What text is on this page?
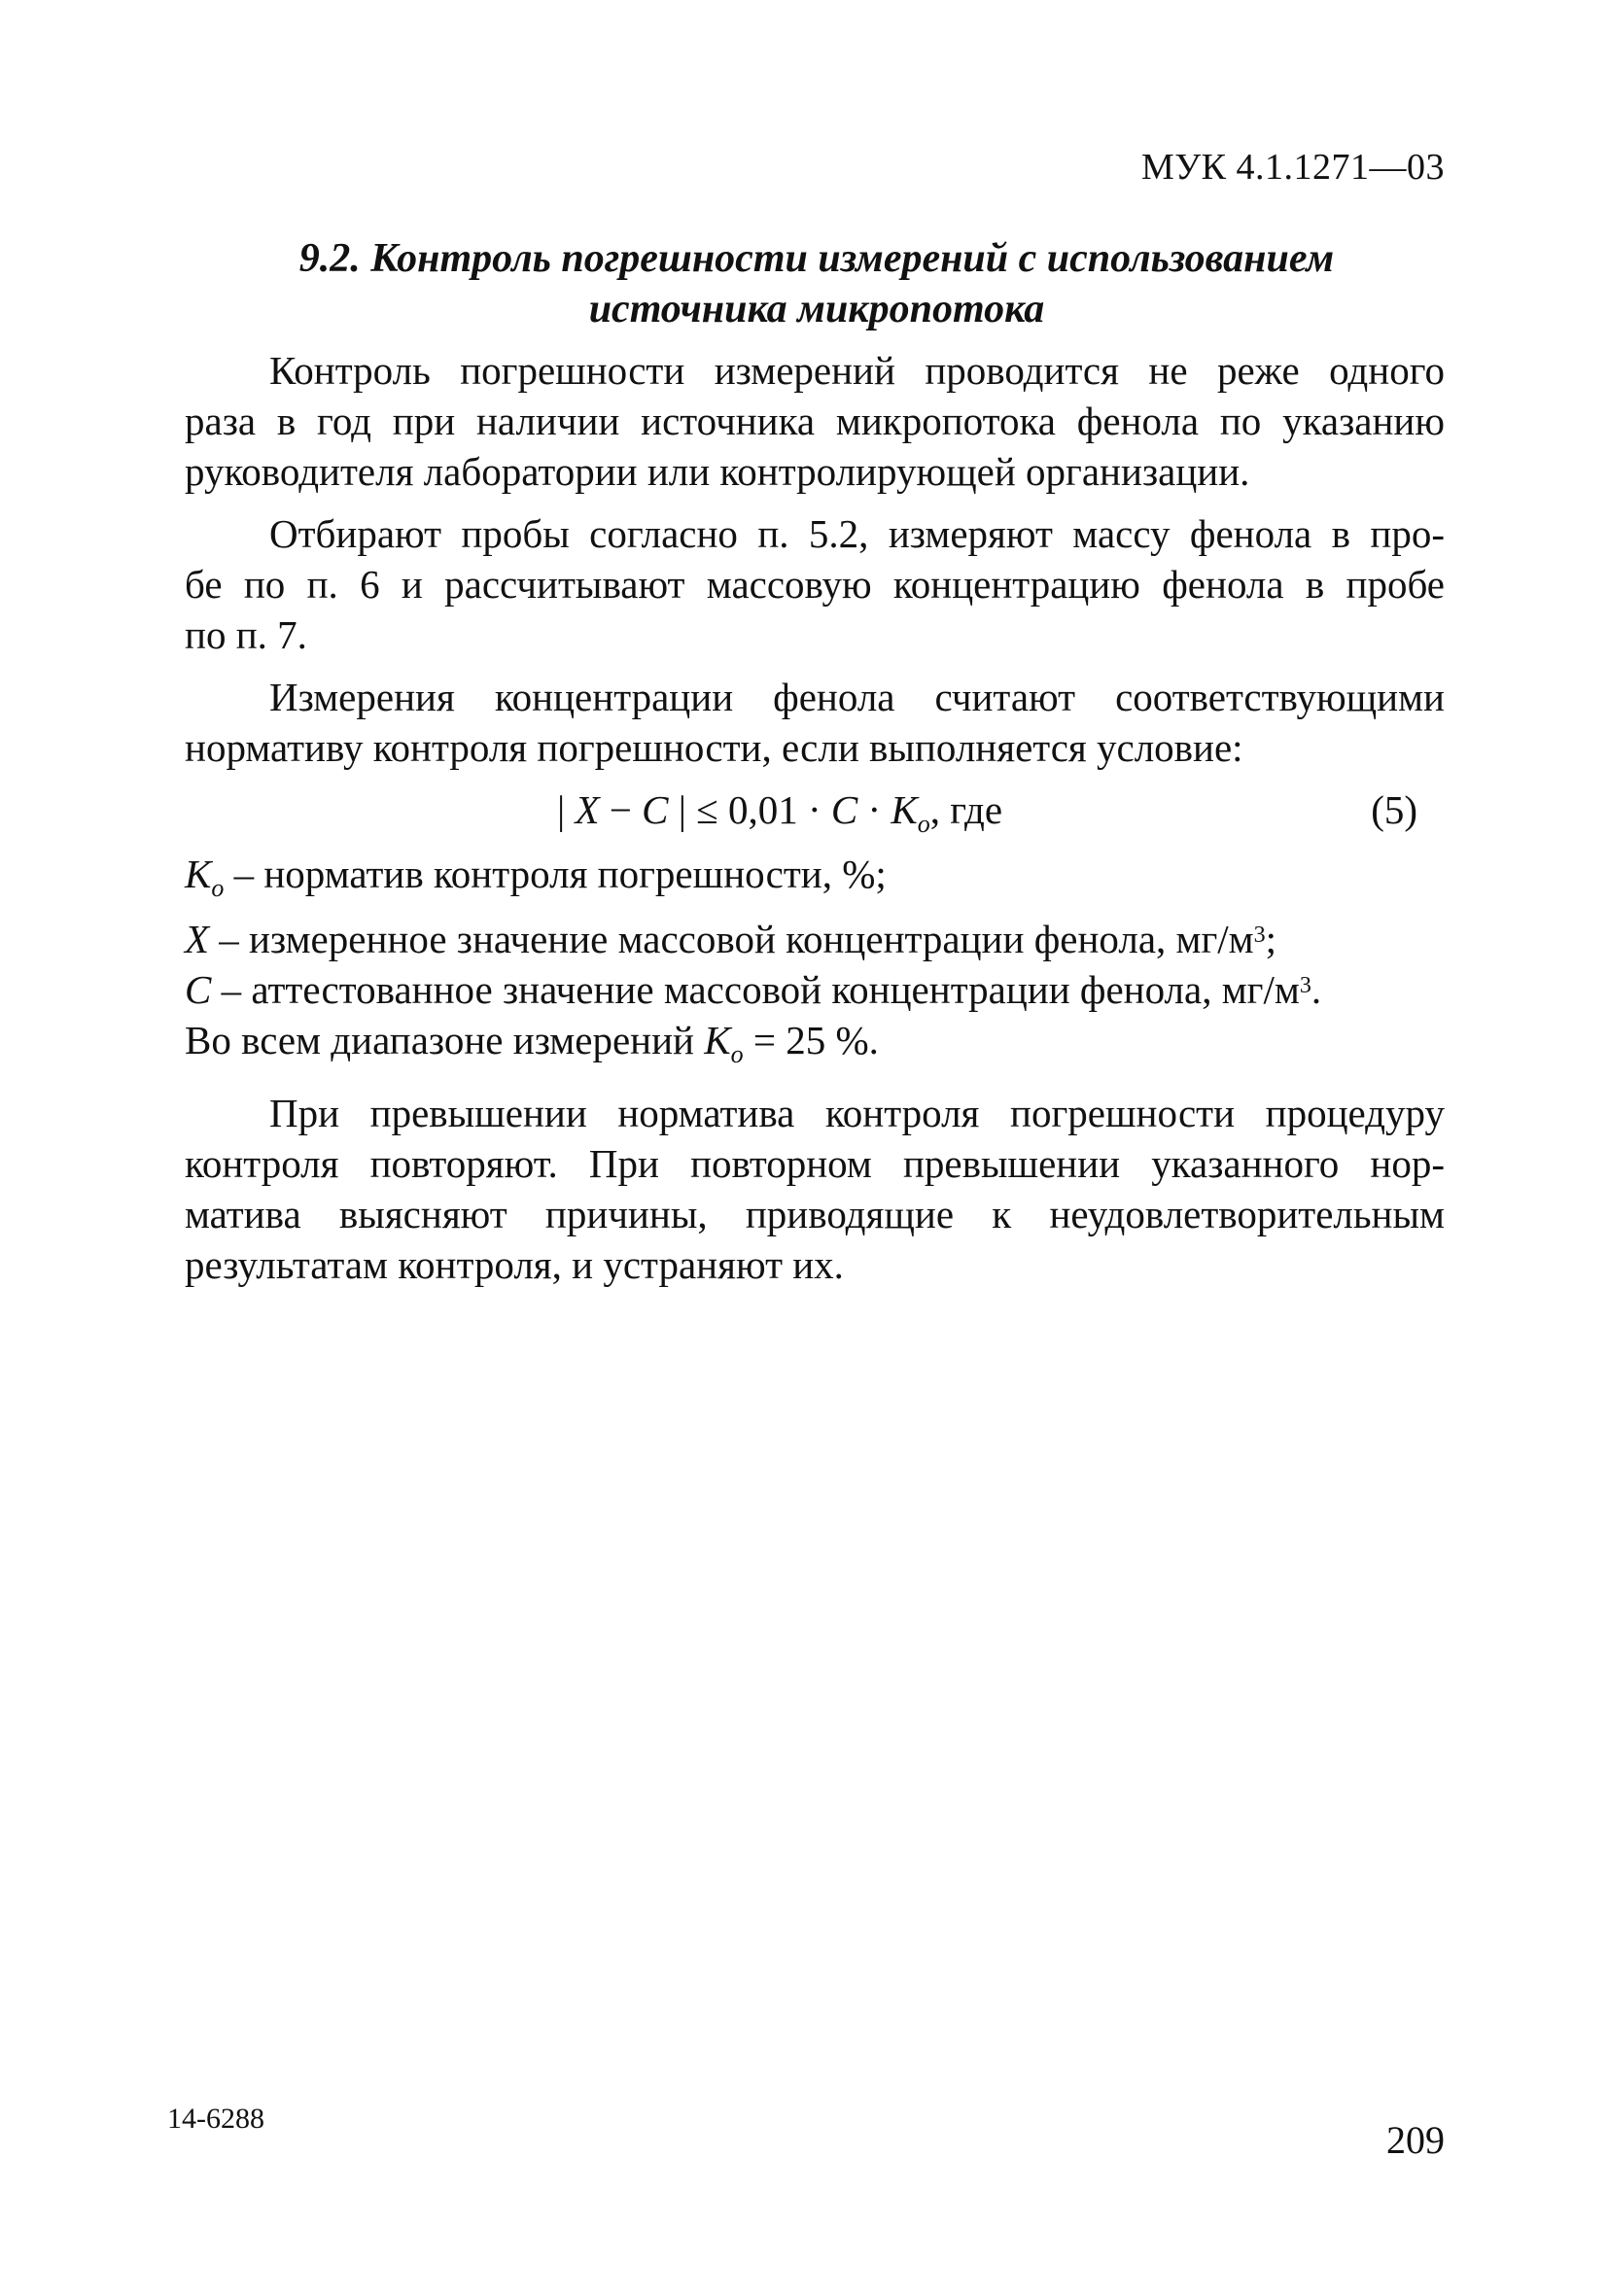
МУК 4.1.1271—03
9.2. Контроль погрешности измерений с использованием
источника микропотока
Контроль погрешности измерений проводится не реже одного
раза в год при наличии источника микропотока фенола по указанию
руководителя лаборатории или контролирующей организации.
Отбирают пробы согласно п. 5.2, измеряют массу фенола в про-
бе по п. 6 и рассчитывают массовую концентрацию фенола в пробе
по п. 7.
Измерения концентрации фенола считают соответствующими
нормативу контроля погрешности, если выполняется условие:
| X − C | ≤ $0,01 \cdot C \cdot K_o$, где	(5)
$K_o$ – норматив контроля погрешности, %;
X – измеренное значение массовой концентрации фенола, $мг/м^3$;
C – аттестованное значение массовой концентрации фенола, $мг/м^3$.
Во всем диапазоне измерений $K_o = 25$ %.
При превышении норматива контроля погрешности процедуру
контроля повторяют. При повторном превышении указанного нор-
матива выясняют причины, приводящие к неудовлетворительным
результатам контроля, и устраняют их.
14-6288	209
